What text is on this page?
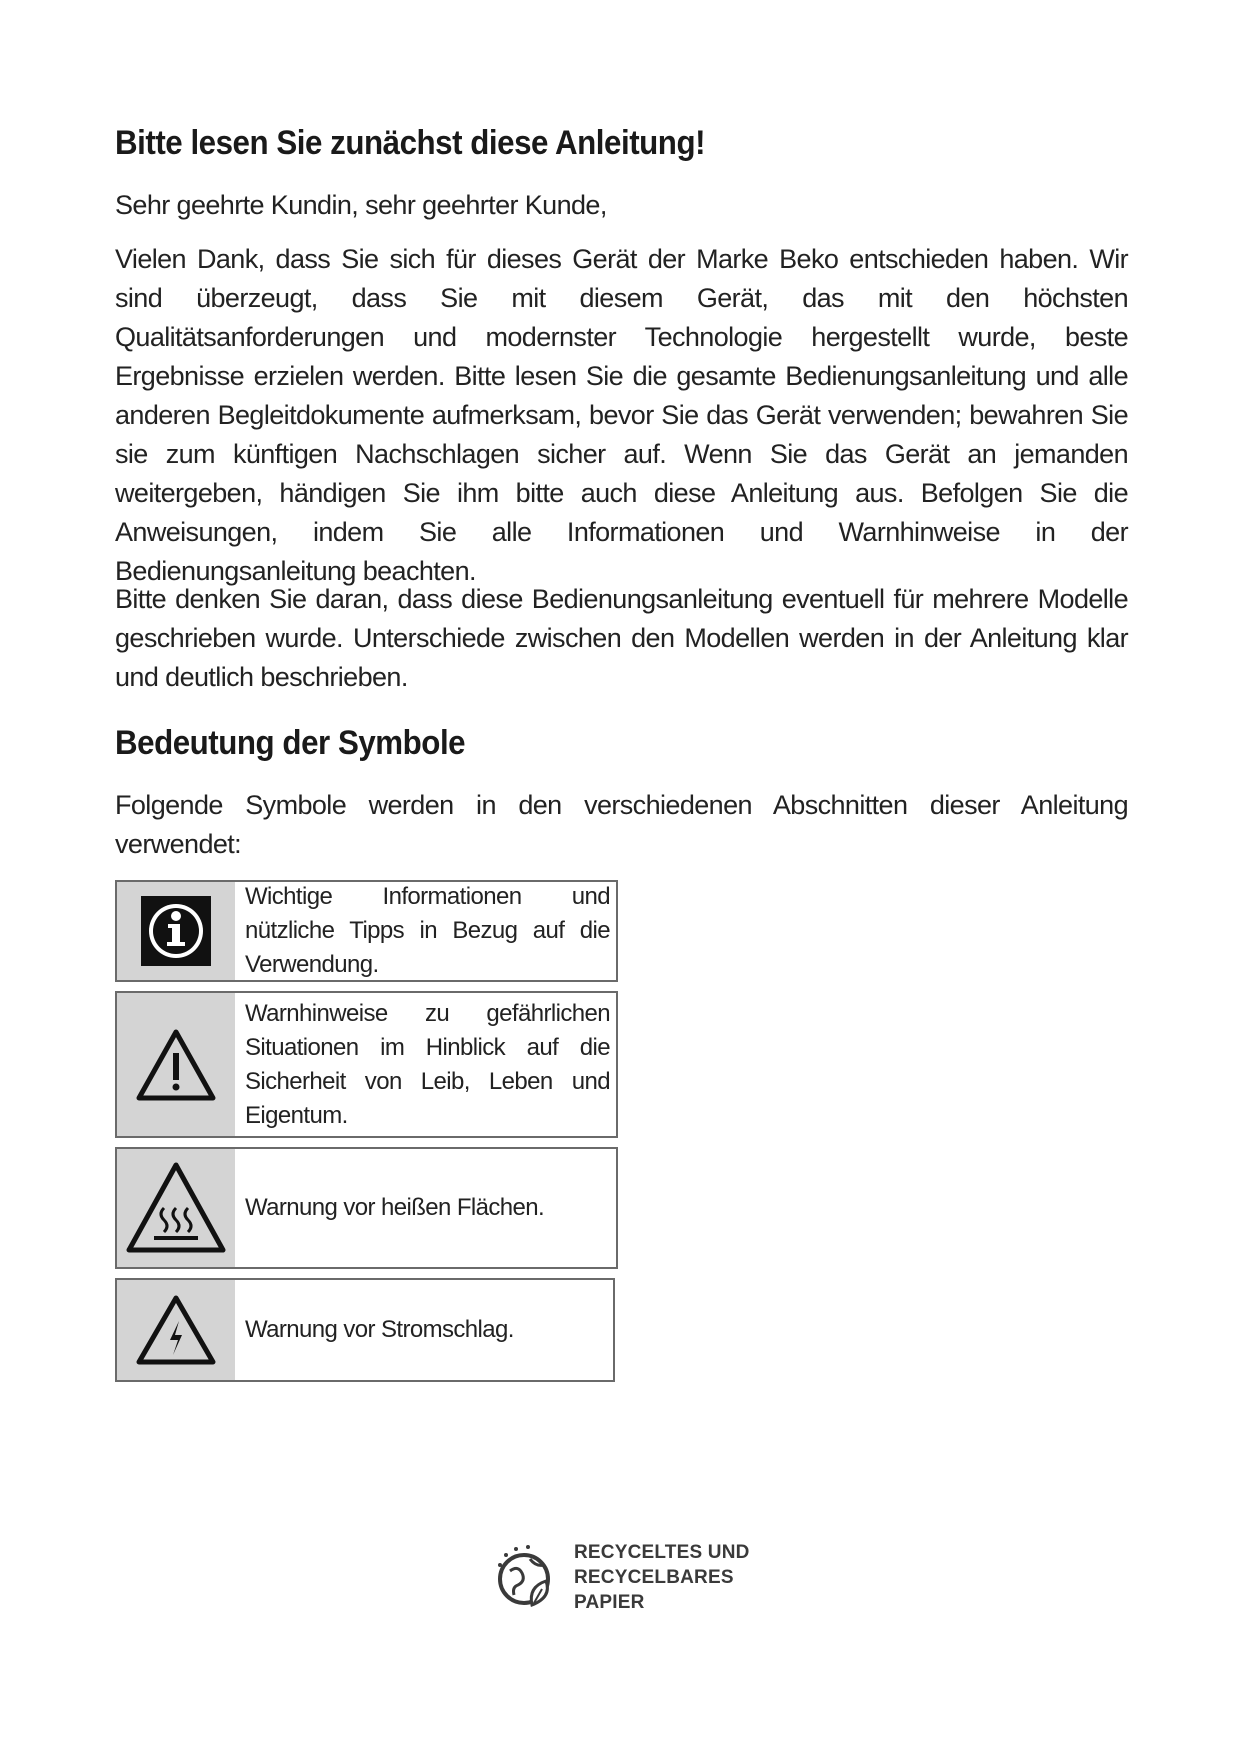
Bitte lesen Sie zunächst diese Anleitung!

Sehr geehrte Kundin, sehr geehrter Kunde,

Vielen Dank, dass Sie sich für dieses Gerät der Marke Beko entschieden haben. Wir sind überzeugt, dass Sie mit diesem Gerät, das mit den höchsten Qualitätsanforderungen und modernster Technologie hergestellt wurde, beste Ergebnisse erzielen werden. Bitte lesen Sie die gesamte Bedienungsanleitung und alle anderen Begleitdokumente aufmerksam, bevor Sie das Gerät verwenden; bewahren Sie sie zum künftigen Nachschlagen sicher auf. Wenn Sie das Gerät an jemanden weitergeben, händigen Sie ihm bitte auch diese Anleitung aus. Befolgen Sie die Anweisungen, indem Sie alle Informationen und Warnhinweise in der Bedienungsanleitung beachten.

Bitte denken Sie daran, dass diese Bedienungsanleitung eventuell für mehrere Modelle geschrieben wurde. Unterschiede zwischen den Modellen werden in der Anleitung klar und deutlich beschrieben.

Bedeutung der Symbole

Folgende Symbole werden in den verschiedenen Abschnitten dieser Anleitung verwendet:

Wichtige Informationen und nützliche Tipps in Bezug auf die Verwendung.
Warnhinweise zu gefährlichen Situationen im Hinblick auf die Sicherheit von Leib, Leben und Eigentum.
Warnung vor heißen Flächen.
Warnung vor Stromschlag.
RECYCELTES UND
RECYCELBARES
PAPIER
